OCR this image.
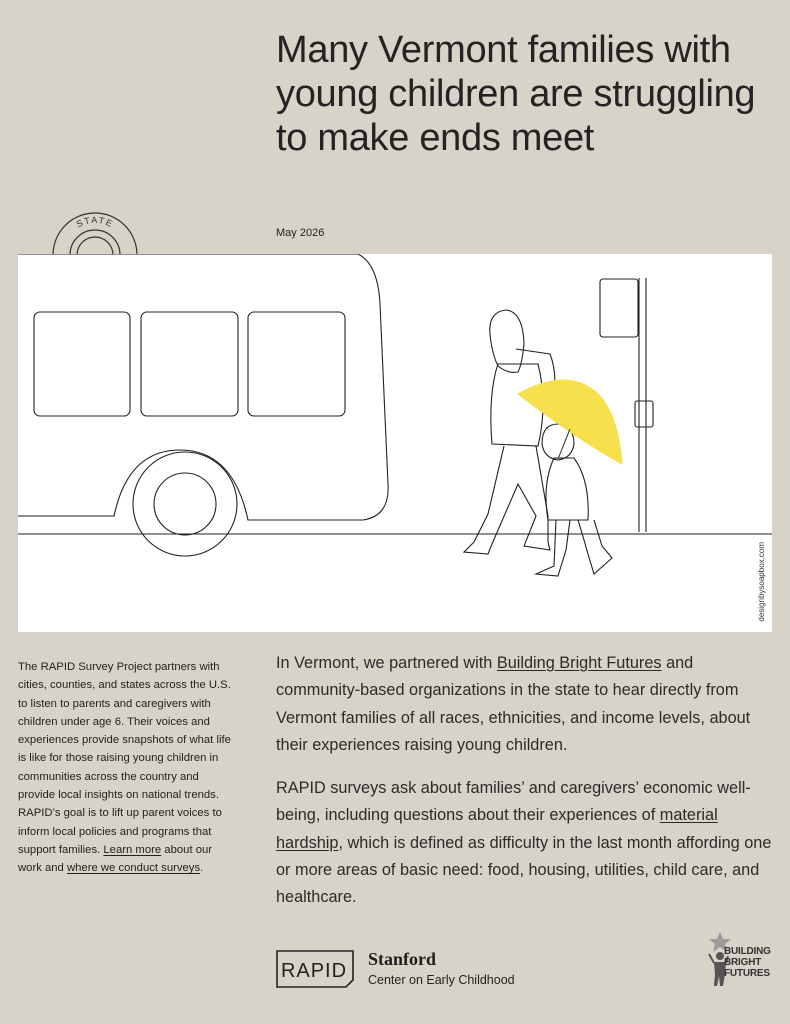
Many Vermont families with young children are struggling to make ends meet
STATE
May 2026
designbysoapbox.com
The RAPID Survey Project partners with cities, counties, and states across the U.S. to listen to parents and caregivers with children under age 6. Their voices and experiences provide snapshots of what life is like for those raising young children in communities across the country and provide local insights on national trends. RAPID’s goal is to lift up parent voices to inform local policies and programs that support families. Learn more about our work and where we conduct surveys.

In Vermont, we partnered with Building Bright Futures and community-based organizations in the state to hear directly from Vermont families of all races, ethnicities, and income levels, about their experiences raising young children.

RAPID surveys ask about families’ and caregivers’ economic well-being, including questions about their experiences of material hardship, which is defined as difficulty in the last month affording one or more areas of basic need: food, housing, utilities, child care, and healthcare.

RAPID
Stanford
Center on Early Childhood
BUILDING
BRIGHT
FUTURES
